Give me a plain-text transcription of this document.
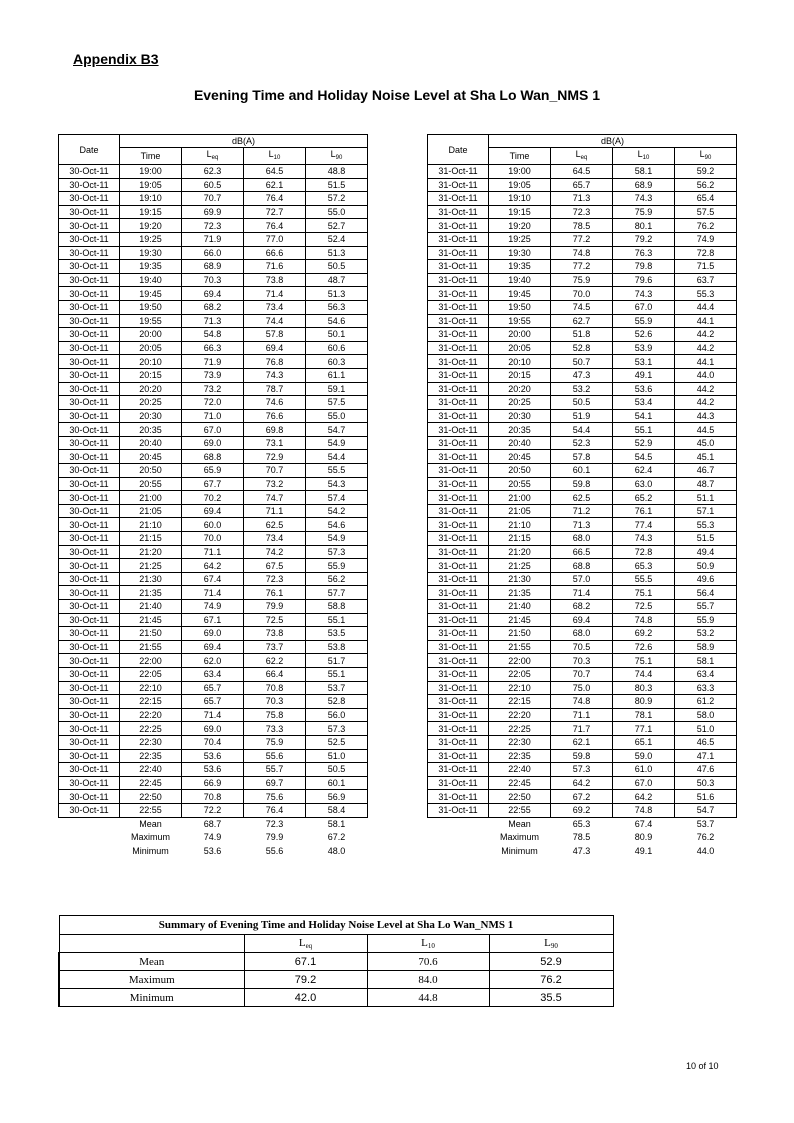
Appendix B3
Evening Time and Holiday Noise Level at Sha Lo Wan_NMS 1
Date	dB(A)			
	Time	$L_{eq}$	$L_{10}$	$L_{90}$
30-Oct-11	19:00	62.3	64.5	48.8
30-Oct-11	19:05	60.5	62.1	51.5
30-Oct-11	19:10	70.7	76.4	57.2
30-Oct-11	19:15	69.9	72.7	55.0
30-Oct-11	19:20	72.3	76.4	52.7
30-Oct-11	19:25	71.9	77.0	52.4
30-Oct-11	19:30	66.0	66.6	51.3
30-Oct-11	19:35	68.9	71.6	50.5
30-Oct-11	19:40	70.3	73.8	48.7
30-Oct-11	19:45	69.4	71.4	51.3
30-Oct-11	19:50	68.2	73.4	56.3
30-Oct-11	19:55	71.3	74.4	54.6
30-Oct-11	20:00	54.8	57.8	50.1
30-Oct-11	20:05	66.3	69.4	60.6
30-Oct-11	20:10	71.9	76.8	60.3
30-Oct-11	20:15	73.9	74.3	61.1
30-Oct-11	20:20	73.2	78.7	59.1
30-Oct-11	20:25	72.0	74.6	57.5
30-Oct-11	20:30	71.0	76.6	55.0
30-Oct-11	20:35	67.0	69.8	54.7
30-Oct-11	20:40	69.0	73.1	54.9
30-Oct-11	20:45	68.8	72.9	54.4
30-Oct-11	20:50	65.9	70.7	55.5
30-Oct-11	20:55	67.7	73.2	54.3
30-Oct-11	21:00	70.2	74.7	57.4
30-Oct-11	21:05	69.4	71.1	54.2
30-Oct-11	21:10	60.0	62.5	54.6
30-Oct-11	21:15	70.0	73.4	54.9
30-Oct-11	21:20	71.1	74.2	57.3
30-Oct-11	21:25	64.2	67.5	55.9
30-Oct-11	21:30	67.4	72.3	56.2
30-Oct-11	21:35	71.4	76.1	57.7
30-Oct-11	21:40	74.9	79.9	58.8
30-Oct-11	21:45	67.1	72.5	55.1
30-Oct-11	21:50	69.0	73.8	53.5
30-Oct-11	21:55	69.4	73.7	53.8
30-Oct-11	22:00	62.0	62.2	51.7
30-Oct-11	22:05	63.4	66.4	55.1
30-Oct-11	22:10	65.7	70.8	53.7
30-Oct-11	22:15	65.7	70.3	52.8
30-Oct-11	22:20	71.4	75.8	56.0
30-Oct-11	22:25	69.0	73.3	57.3
30-Oct-11	22:30	70.4	75.9	52.5
30-Oct-11	22:35	53.6	55.6	51.0
30-Oct-11	22:40	53.6	55.7	50.5
30-Oct-11	22:45	66.9	69.7	60.1
30-Oct-11	22:50	70.8	75.6	56.9
30-Oct-11	22:55	72.2	76.4	58.4
	Mean	68.7	72.3	58.1
	Maximum	74.9	79.9	67.2
	Minimum	53.6	55.6	48.0
Date	dB(A)			
	Time	$L_{eq}$	$L_{10}$	$L_{90}$
31-Oct-11	19:00	64.5	58.1	59.2
31-Oct-11	19:05	65.7	68.9	56.2
31-Oct-11	19:10	71.3	74.3	65.4
31-Oct-11	19:15	72.3	75.9	57.5
31-Oct-11	19:20	78.5	80.1	76.2
31-Oct-11	19:25	77.2	79.2	74.9
31-Oct-11	19:30	74.8	76.3	72.8
31-Oct-11	19:35	77.2	79.8	71.5
31-Oct-11	19:40	75.9	79.6	63.7
31-Oct-11	19:45	70.0	74.3	55.3
31-Oct-11	19:50	74.5	67.0	44.4
31-Oct-11	19:55	62.7	55.9	44.1
31-Oct-11	20:00	51.8	52.6	44.2
31-Oct-11	20:05	52.8	53.9	44.2
31-Oct-11	20:10	50.7	53.1	44.1
31-Oct-11	20:15	47.3	49.1	44.0
31-Oct-11	20:20	53.2	53.6	44.2
31-Oct-11	20:25	50.5	53.4	44.2
31-Oct-11	20:30	51.9	54.1	44.3
31-Oct-11	20:35	54.4	55.1	44.5
31-Oct-11	20:40	52.3	52.9	45.0
31-Oct-11	20:45	57.8	54.5	45.1
31-Oct-11	20:50	60.1	62.4	46.7
31-Oct-11	20:55	59.8	63.0	48.7
31-Oct-11	21:00	62.5	65.2	51.1
31-Oct-11	21:05	71.2	76.1	57.1
31-Oct-11	21:10	71.3	77.4	55.3
31-Oct-11	21:15	68.0	74.3	51.5
31-Oct-11	21:20	66.5	72.8	49.4
31-Oct-11	21:25	68.8	65.3	50.9
31-Oct-11	21:30	57.0	55.5	49.6
31-Oct-11	21:35	71.4	75.1	56.4
31-Oct-11	21:40	68.2	72.5	55.7
31-Oct-11	21:45	69.4	74.8	55.9
31-Oct-11	21:50	68.0	69.2	53.2
31-Oct-11	21:55	70.5	72.6	58.9
31-Oct-11	22:00	70.3	75.1	58.1
31-Oct-11	22:05	70.7	74.4	63.4
31-Oct-11	22:10	75.0	80.3	63.3
31-Oct-11	22:15	74.8	80.9	61.2
31-Oct-11	22:20	71.1	78.1	58.0
31-Oct-11	22:25	71.7	77.1	51.0
31-Oct-11	22:30	62.1	65.1	46.5
31-Oct-11	22:35	59.8	59.0	47.1
31-Oct-11	22:40	57.3	61.0	47.6
31-Oct-11	22:45	64.2	67.0	50.3
31-Oct-11	22:50	67.2	64.2	51.6
31-Oct-11	22:55	69.2	74.8	54.7
	Mean	65.3	67.4	53.7
	Maximum	78.5	80.9	76.2
	Minimum	47.3	49.1	44.0
Summary of Evening Time and Holiday Noise Level at Sha Lo Wan_NMS 1			
	Leq	L10	L90
Mean	67.1	70.6	52.9
Maximum	79.2	84.0	76.2
Minimum	42.0	44.8	35.5
10 of 10
